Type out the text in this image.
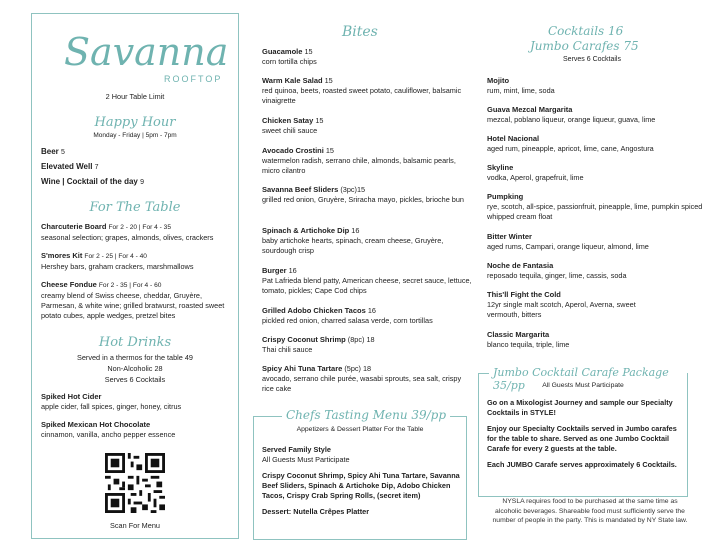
Savanna
ROOFTOP
2 Hour Table Limit
Happy Hour
Monday - Friday | 5pm - 7pm
Beer 5
Elevated Well 7
Wine | Cocktail of the day 9
For The Table
Charcuterie Board For 2 - 20 | For 4 - 35
seasonal selection; grapes, almonds, olives, crackers
S'mores Kit For 2 - 25 | For 4 - 40
Hershey bars, graham crackers, marshmallows
Cheese Fondue For 2 - 35 | For 4 - 60
creamy blend of Swiss cheese, cheddar, Gruyère, Parmesan, & white wine; grilled bratwurst, roasted sweet potato cubes, apple wedges, pretzel bites
Hot Drinks
Served in a thermos for the table 49
Non-Alcoholic 28
Serves 6 Cocktails
Spiked Hot Cider
apple cider, fall spices, ginger, honey, citrus
Spiked Mexican Hot Chocolate
cinnamon, vanilla, ancho pepper essence
Scan For Menu
Bites
Guacamole 15
corn tortilla chips
Warm Kale Salad 15
red quinoa, beets, roasted sweet potato, cauliflower, balsamic vinaigrette
Chicken Satay 15
sweet chili sauce
Avocado Crostini 15
watermelon radish, serrano chile, almonds, balsamic pearls, micro cilantro
Savanna Beef Sliders (3pc)15
grilled red onion, Gruyère, Sriracha mayo, pickles, brioche bun
Spinach & Artichoke Dip 16
baby artichoke hearts, spinach, cream cheese, Gruyère, sourdough crisp
Burger 16
Pat Lafrieda blend patty, American cheese, secret sauce, lettuce, tomato, pickles; Cape Cod chips
Grilled Adobo Chicken Tacos 16
pickled red onion, charred salasa verde, corn tortillas
Crispy Coconut Shrimp (8pc) 18
Thai chili sauce
Spicy Ahi Tuna Tartare (5pc) 18
avocado, serrano chile purée, wasabi sprouts, sea salt, crispy rice cake
Chefs Tasting Menu 39/pp
Appetizers & Dessert Platter For the Table
Served Family Style
All Guests Must Participate
Crispy Coconut Shrimp, Spicy Ahi Tuna Tartare, Savanna Beef Sliders, Spinach & Artichoke Dip, Adobo Chicken Tacos, Crispy Crab Spring Rolls, (secret item)
Dessert: Nutella Crêpes Platter
Cocktails 16
Jumbo Carafes 75
Serves 6 Cocktails
Mojito
rum, mint, lime, soda
Guava Mezcal Margarita
mezcal, poblano liqueur, orange liqueur, guava, lime
Hotel Nacional
aged rum, pineapple, apricot, lime, cane, Angostura
Skyline
vodka, Aperol, grapefruit, lime
Pumpking
rye, scotch, all-spice, passionfruit, pineapple, lime, pumpkin spiced whipped cream float
Bitter Winter
aged rums, Campari, orange liqueur, almond, lime
Noche de Fantasia
reposado tequila, ginger, lime, cassis, soda
This'll Fight the Cold
12yr single malt scotch, Aperol, Averna, sweet vermouth, bitters
Classic Margarita
blanco tequila, triple, lime
Jumbo Cocktail Carafe Package 35/pp	All Guests Must Participate
Go on a Mixologist Journey and sample our Specialty Cocktails in STYLE!
Enjoy our Specialty Cocktails served in Jumbo carafes for the table to share. Served as one Jumbo Cocktail Carafe for every 2 guests at the table.
Each JUMBO Carafe serves approximately 6 Cocktails.
NYSLA requires food to be purchased at the same time as alcoholic beverages. Shareable food must sufficiently serve the number of people in the party. This is mandated by NY State law.
